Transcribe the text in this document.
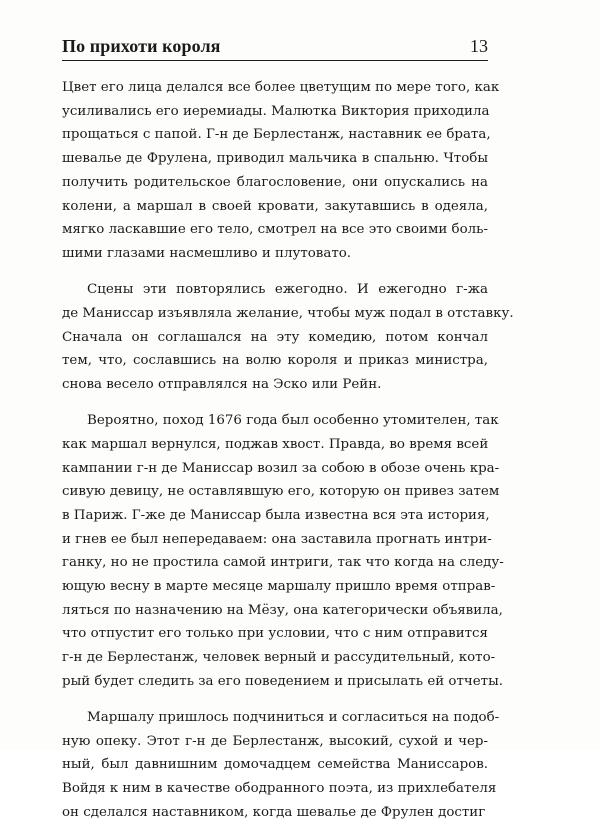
По прихоти короля	13
Цвет его лица делался все более цветущим по мере того, как
усиливались его иеремиады. Малютка Виктория приходила
прощаться с папой. Г-н де Берлестанж, наставник ее брата,
шевалье де Фрулена, приводил мальчика в спальню. Чтобы
получить родительское благословение, они опускались на
колени, а маршал в своей кровати, закутавшись в одеяла,
мягко ласкавшие его тело, смотрел на все это своими боль-
шими глазами насмешливо и плутовато.
Сцены эти повторялись ежегодно. И ежегодно г-жа
де Маниссар изъявляла желание, чтобы муж подал в отставку.
Сначала он соглашался на эту комедию, потом кончал
тем, что, сославшись на волю короля и приказ министра,
снова весело отправлялся на Эско или Рейн.
Вероятно, поход 1676 года был особенно утомителен, так
как маршал вернулся, поджав хвост. Правда, во время всей
кампании г-н де Маниссар возил за собою в обозе очень кра-
сивую девицу, не оставлявшую его, которую он привез затем
в Париж. Г-же де Маниссар была известна вся эта история,
и гнев ее был непередаваем: она заставила прогнать интри-
ганку, но не простила самой интриги, так что когда на следу-
ющую весну в марте месяце маршалу пришло время отправ-
ляться по назначению на Мёзу, она категорически объявила,
что отпустит его только при условии, что с ним отправится
г-н де Берлестанж, человек верный и рассудительный, кото-
рый будет следить за его поведением и присылать ей отчеты.
Маршалу пришлось подчиниться и согласиться на подоб-
ную опеку. Этот г-н де Берлестанж, высокий, сухой и чер-
ный, был давнишним домочадцем семейства Маниссаров.
Войдя к ним в качестве ободранного поэта, из прихлебателя
он сделался наставником, когда шевалье де Фрулен достиг
